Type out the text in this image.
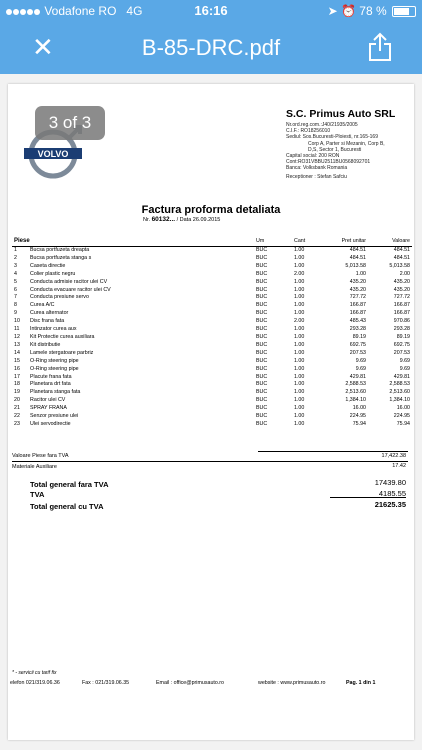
Vodafone RO 4G	16:16	➤ ⏰ 78 %
✕	B-85-DRC.pdf
3 of 3
VOLVO
S.C. Primus Auto SRL
Nr.ord.reg.com.:J40/21935/2005
C.I.F.: RO18256010
Sediul: Sos.Bucuresti-Ploiesti, nr.165-169
Corp A, Parter si Mezanin, Corp B,
D,S, Sector 1, Bucuresti
Capital social: 200 RON
Cont:RO31VBBU2511BU0568092701
Banca: Volksbank Romania
Receptioner : Stefan Safciu
Factura proforma detaliata
Nr. 60132... / Data 26.09.2015
Piese		Um	Cant	Pret unitar	Valoare
1	Bucsa portfuzeta dreapta	BUC	1.00	484.51	484.51
2	Bucsa portfuzeta stanga s	BUC	1.00	484.51	484.51
3	Caseta directie	BUC	1.00	5,013.58	5,013.58
4	Colier plastic negru	BUC	2.00	1.00	2.00
5	Conducta admisie racitor ulei CV	BUC	1.00	435.20	435.20
6	Conducta evacuare racitor ulei CV	BUC	1.00	435.20	435.20
7	Conducta presiune servo	BUC	1.00	727.72	727.72
8	Curea A/C	BUC	1.00	166.87	166.87
9	Curea alternator	BUC	1.00	166.87	166.87
10	Disc frana fata	BUC	2.00	485.43	970.86
11	Intinzator curea aux	BUC	1.00	293.28	293.28
12	Kit Protectie curea auxiliara	BUC	1.00	89.19	89.19
13	Kit distributie	BUC	1.00	692.75	692.75
14	Lamele stergatoare parbriz	BUC	1.00	207.53	207.53
15	O-Ring steering pipe	BUC	1.00	9.69	9.69
16	O-Ring steering pipe	BUC	1.00	9.69	9.69
17	Placute frana fata	BUC	1.00	429.81	429.81
18	Planetara drt fata	BUC	1.00	2,588.53	2,588.53
19	Planetara stanga fata	BUC	1.00	2,513.60	2,513.60
20	Racitor ulei CV	BUC	1.00	1,384.10	1,384.10
21	SPRAY FRANA	BUC	1.00	16.00	16.00
22	Senzor presiune ulei	BUC	1.00	224.95	224.95
23	Ulei servodirectie	BUC	1.00	75.94	75.94
Valoare Piese fara TVA	17,422.38
Materiale Auxiliare	17.42
Total general fara TVA	17439.80
TVA	4185.55
Total general cu TVA	21625.35
* - servicii cu tarif fix
elefon 021/319.06.36	Fax : 021/319.06.35	Email : office@primusauto.ro	website : www.primusauto.ro	Pag. 1 din 1
